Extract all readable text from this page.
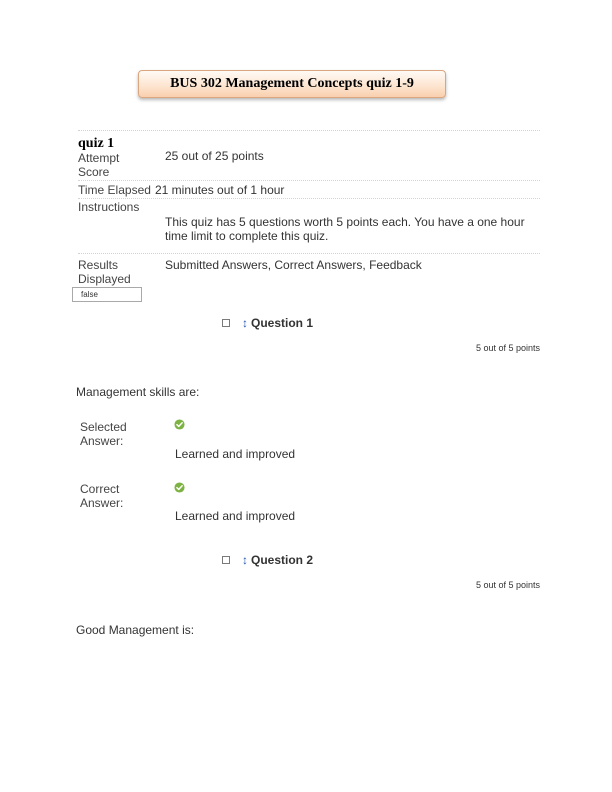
BUS 302 Management Concepts quiz 1-9
quiz 1
Attempt
Score
25 out of 25 points
Time Elapsed 21 minutes out of 1 hour
Instructions
This quiz has 5 questions worth 5 points each. You have a one hour
time limit to complete this quiz.
Results
Displayed
Submitted Answers, Correct Answers, Feedback
false
↕ Question 1
5 out of 5 points
Management skills are:
Selected
Answer:
Learned and improved
Correct
Answer:
Learned and improved
↕ Question 2
5 out of 5 points
Good Management is:
